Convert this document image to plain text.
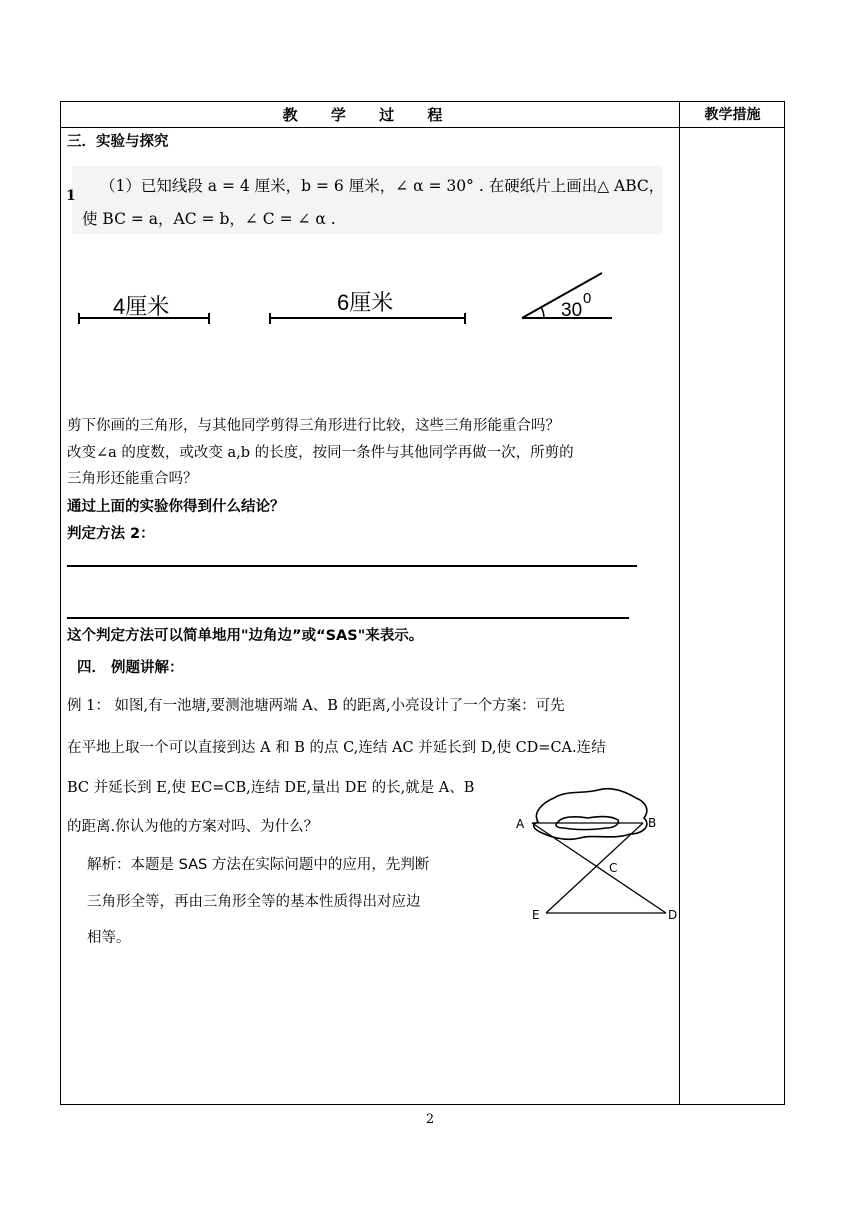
教 学 过 程	教学措施
三．实验与探究
1
（1）已知线段 a = 4 厘米，b = 6 厘米，∠ α = 30° . 在硬纸片上画出△ ABC，
使 BC = a，AC = b，∠ C = ∠ α .
4厘米	6厘米	30
0
剪下你画的三角形，与其他同学剪得三角形进行比较，这些三角形能重合吗？
改变∠a 的度数，或改变 a,b 的长度，按同一条件与其他同学再做一次，所剪的
三角形还能重合吗？
通过上面的实验你得到什么结论？
判定方法 2：
这个判定方法可以简单地用"边角边”或“SAS"来表示。
四． 例题讲解：
例 1： 如图,有一池塘,要测池塘两端 A、B 的距离,小亮设计了一个方案：可先
在平地上取一个可以直接到达 A 和 B 的点 C,连结 AC 并延长到 D,使 CD=CA.连结
BC 并延长到 E,使 EC=CB,连结 DE,量出 DE 的长,就是 A、B
的距离.你认为他的方案对吗、为什么？
解析：本题是 SAS 方法在实际问题中的应用，先判断
三角形全等，再由三角形全等的基本性质得出对应边
相等。
A	B
C
D
E
2
